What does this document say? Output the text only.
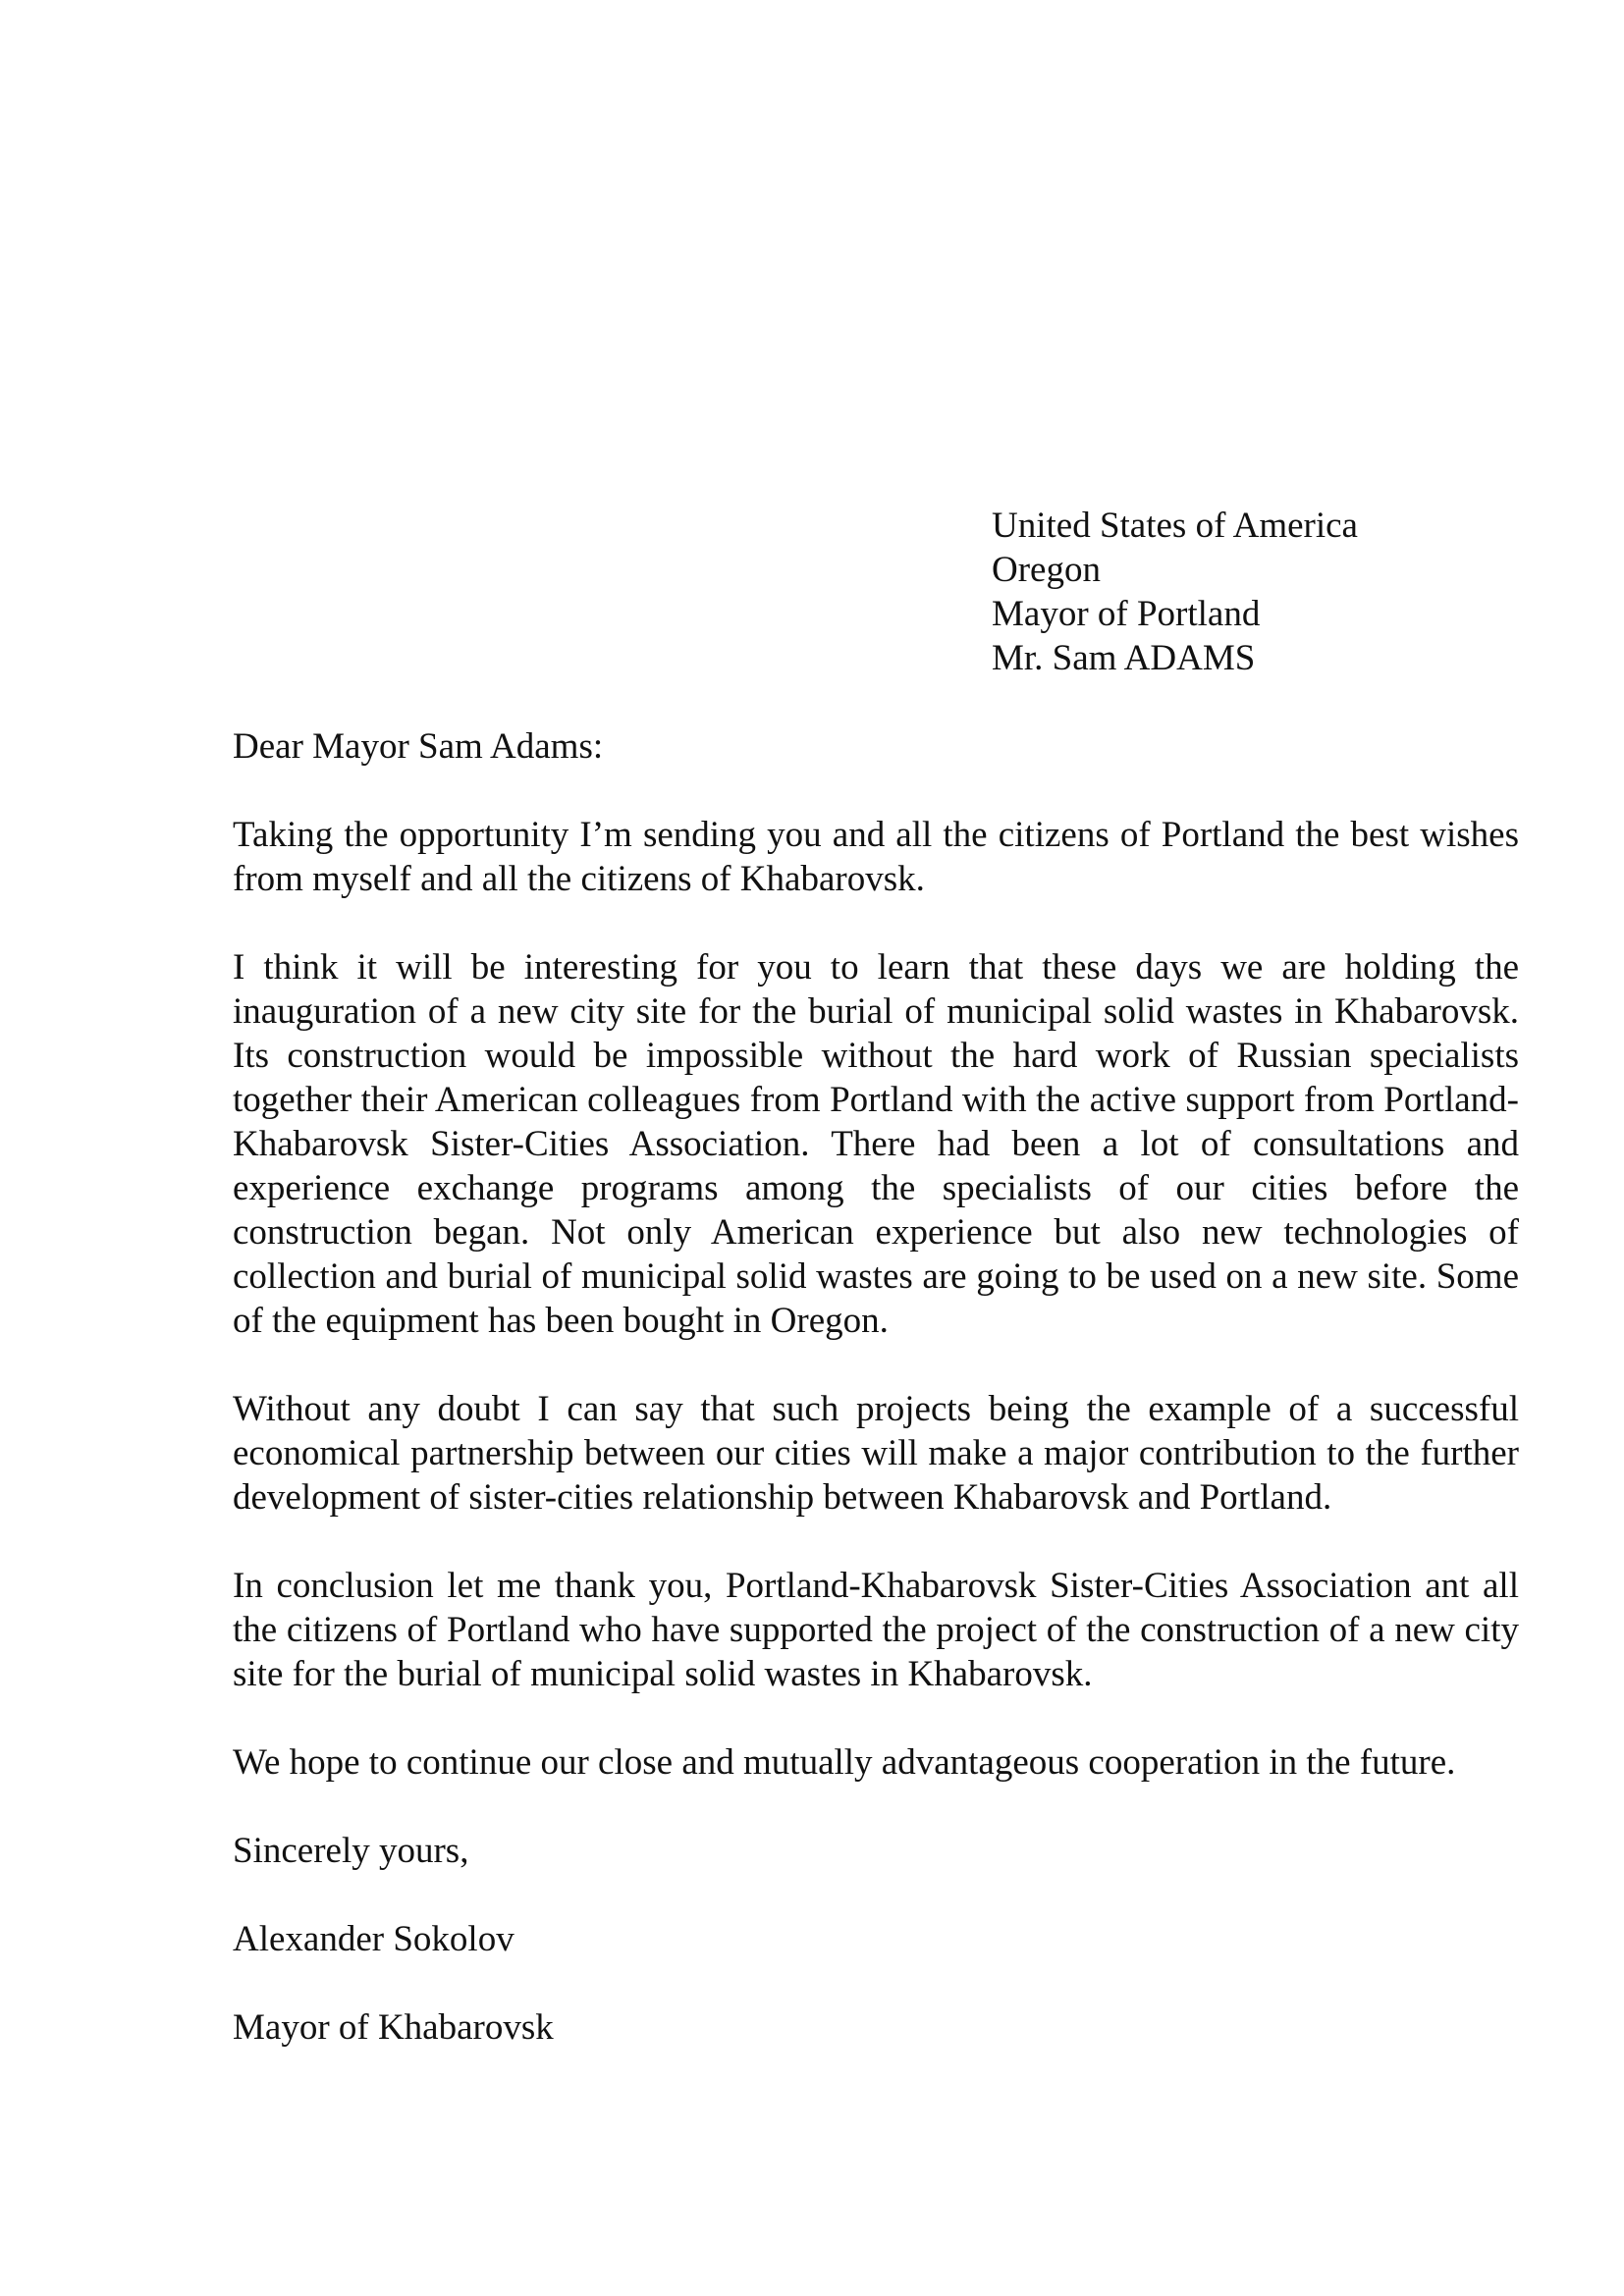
United States of America
Oregon
Mayor of Portland
Mr. Sam ADAMS

Dear Mayor Sam Adams:

Taking the opportunity I’m sending you and all the citizens of Portland the best wishes from myself and all the citizens of Khabarovsk.

I think it will be interesting for you to learn that these days we are holding the inauguration of a new city site for the burial of municipal solid wastes in Khabarovsk. Its construction would be impossible without the hard work of Russian specialists together their American colleagues from Portland with the active support from Portland-Khabarovsk Sister-Cities Association. There had been a lot of consultations and experience exchange programs among the specialists of our cities before the construction began. Not only American experience but also new technologies of collection and burial of municipal solid wastes are going to be used on a new site. Some of the equipment has been bought in Oregon.

Without any doubt I can say that such projects being the example of a successful economical partnership between our cities will make a major contribution to the further development of sister-cities relationship between Khabarovsk and Portland.

In conclusion let me thank you, Portland-Khabarovsk Sister-Cities Association ant all the citizens of Portland who have supported the project of the construction of a new city site for the burial of municipal solid wastes in Khabarovsk.

We hope to continue our close and mutually advantageous cooperation in the future.

Sincerely yours,

Alexander Sokolov

Mayor of Khabarovsk
